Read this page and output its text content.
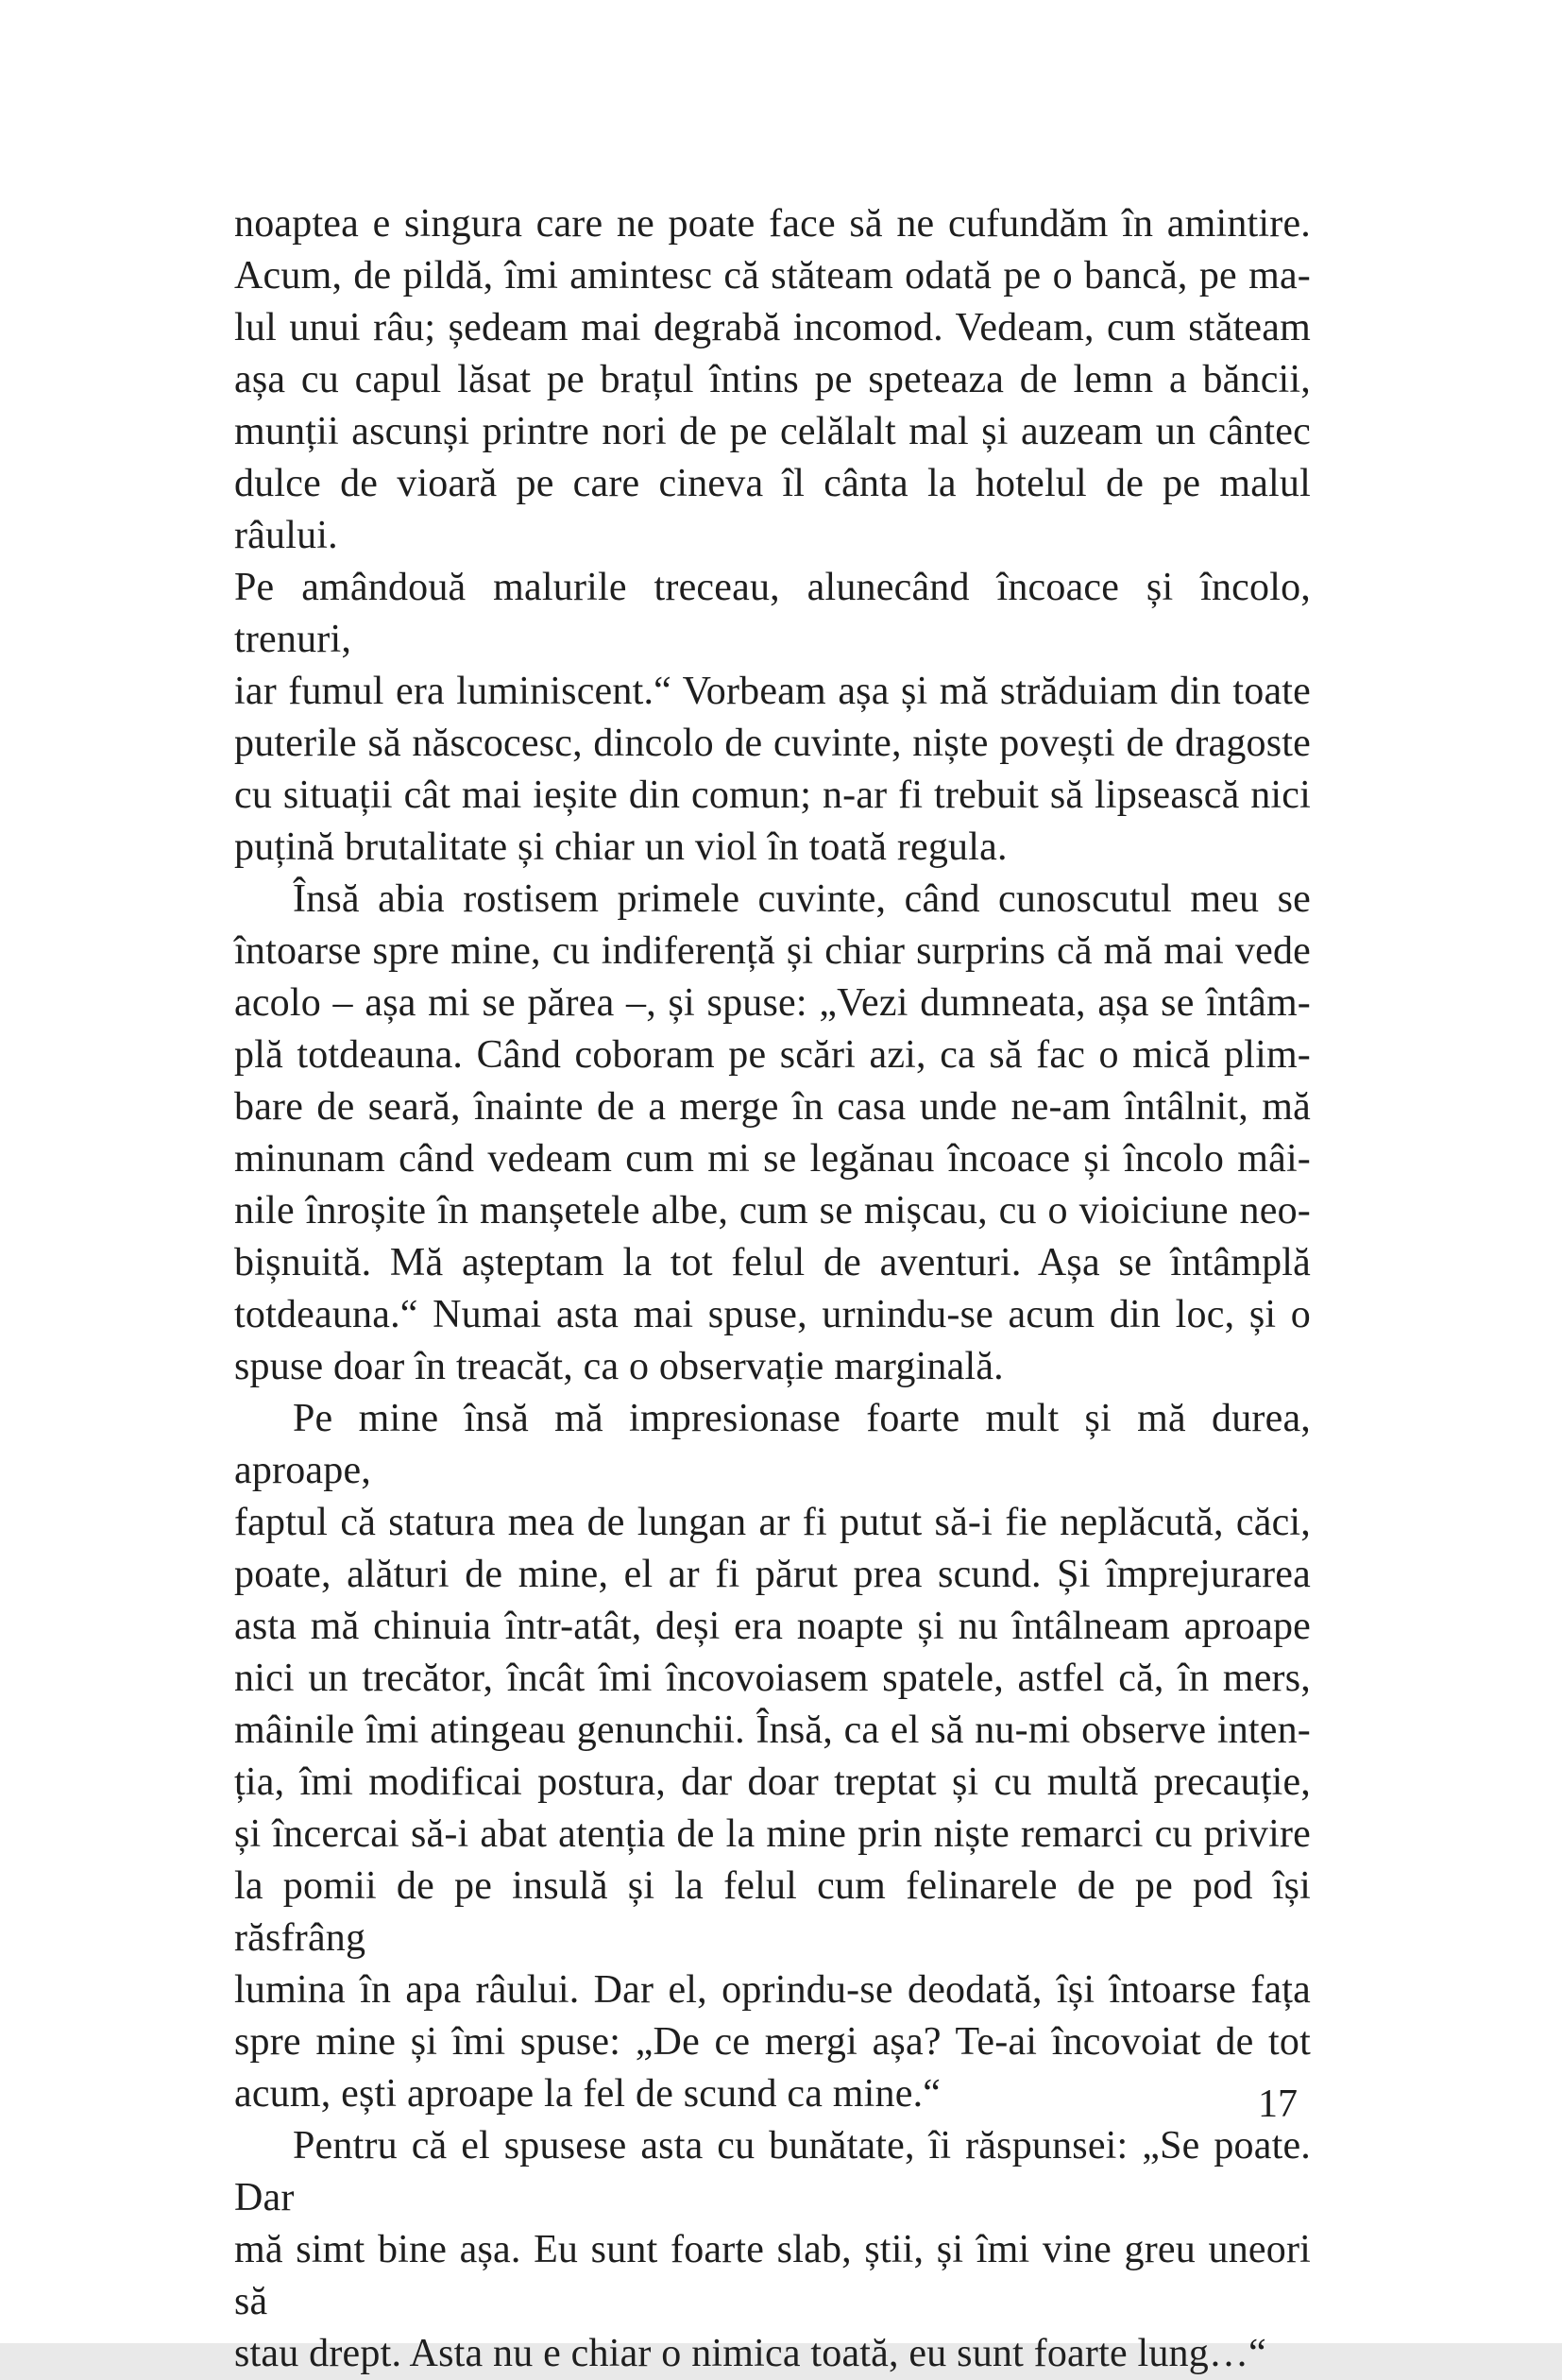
noaptea e singura care ne poate face să ne cufundăm în amintire.
Acum, de pildă, îmi amintesc că stăteam odată pe o bancă, pe ma-
lul unui râu; ședeam mai degrabă incomod. Vedeam, cum stăteam
așa cu capul lăsat pe brațul întins pe speteaza de lemn a băncii,
munții ascunși printre nori de pe celălalt mal și auzeam un cântec
dulce de vioară pe care cineva îl cânta la hotelul de pe malul râului.
Pe amândouă malurile treceau, alunecând încoace și încolo, trenuri,
iar fumul era luminiscent.“ Vorbeam așa și mă străduiam din toate
puterile să născocesc, dincolo de cuvinte, niște povești de dragoste
cu situații cât mai ieșite din comun; n-ar fi trebuit să lipsească nici
puțină brutalitate și chiar un viol în toată regula.
Însă abia rostisem primele cuvinte, când cunoscutul meu se
întoarse spre mine, cu indiferență și chiar surprins că mă mai vede
acolo – așa mi se părea –, și spuse: „Vezi dumneata, așa se întâm-
plă totdeauna. Când coboram pe scări azi, ca să fac o mică plim-
bare de seară, înainte de a merge în casa unde ne-am întâlnit, mă
minunam când vedeam cum mi se legănau încoace și încolo mâi-
nile înroșite în manșetele albe, cum se mișcau, cu o vioiciune neo-
bișnuită. Mă așteptam la tot felul de aventuri. Așa se întâmplă
totdeauna.“ Numai asta mai spuse, urnindu-se acum din loc, și o
spuse doar în treacăt, ca o observație marginală.
Pe mine însă mă impresionase foarte mult și mă durea, aproape,
faptul că statura mea de lungan ar fi putut să-i fie neplăcută, căci,
poate, alături de mine, el ar fi părut prea scund. Și împrejurarea
asta mă chinuia într-atât, deși era noapte și nu întâlneam aproape
nici un trecător, încât îmi încovoiasem spatele, astfel că, în mers,
mâinile îmi atingeau genunchii. Însă, ca el să nu-mi observe inten-
ția, îmi modificai postura, dar doar treptat și cu multă precauție,
și încercai să-i abat atenția de la mine prin niște remarci cu privire
la pomii de pe insulă și la felul cum felinarele de pe pod își răsfrâng
lumina în apa râului. Dar el, oprindu-se deodată, își întoarse fața
spre mine și îmi spuse: „De ce mergi așa? Te-ai încovoiat de tot
acum, ești aproape la fel de scund ca mine.“
Pentru că el spusese asta cu bunătate, îi răspunsei: „Se poate. Dar
mă simt bine așa. Eu sunt foarte slab, știi, și îmi vine greu uneori să
stau drept. Asta nu e chiar o nimica toată, eu sunt foarte lung…“
17
